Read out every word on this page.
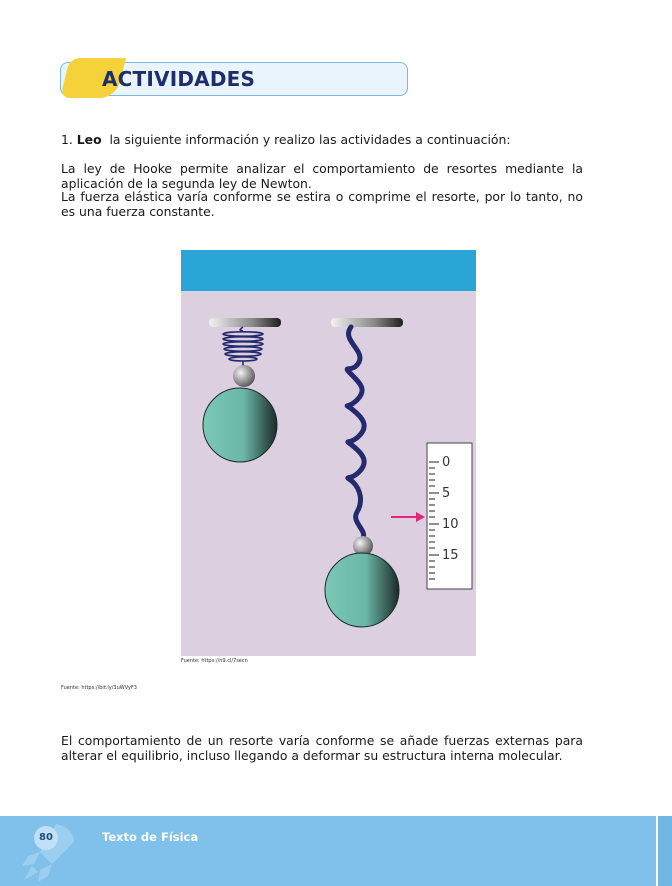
ACTIVIDADES

1. Leo la siguiente información y realizo las actividades a continuación:

La ley de Hooke permite analizar el comportamiento de resortes mediante la aplicación de la segunda ley de Newton.

La fuerza elástica varía conforme se estira o comprime el resorte, por lo tanto, no es una fuerza constante.

0
5
10
15
Fuente: https://n9.cl/7secn
Fuente: https://bit.ly/3uWVyF3

El comportamiento de un resorte varía conforme se añade fuerzas externas para alterar el equilibrio, incluso llegando a deformar su estructura interna molecular.

80	Texto de Física
